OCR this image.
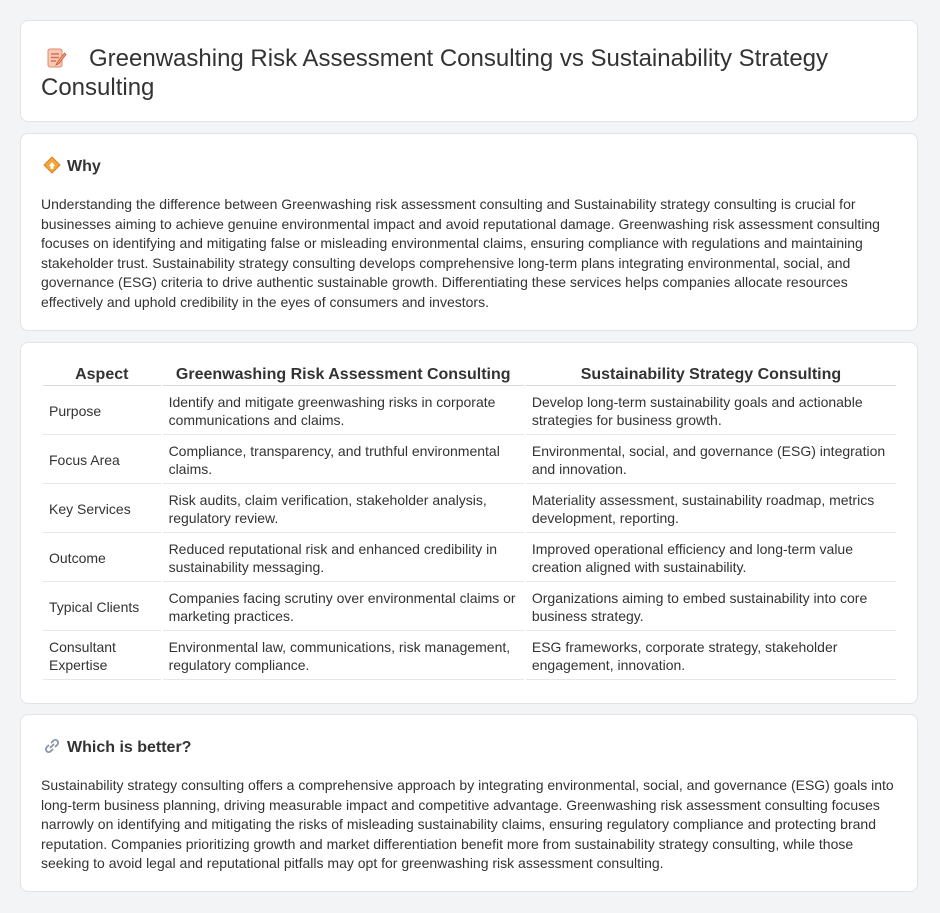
Greenwashing Risk Assessment Consulting vs Sustainability Strategy Consulting
Why

Understanding the difference between Greenwashing risk assessment consulting and Sustainability strategy consulting is crucial for businesses aiming to achieve genuine environmental impact and avoid reputational damage. Greenwashing risk assessment consulting focuses on identifying and mitigating false or misleading environmental claims, ensuring compliance with regulations and maintaining stakeholder trust. Sustainability strategy consulting develops comprehensive long-term plans integrating environmental, social, and governance (ESG) criteria to drive authentic sustainable growth. Differentiating these services helps companies allocate resources effectively and uphold credibility in the eyes of consumers and investors.

Aspect	Greenwashing Risk Assessment Consulting	Sustainability Strategy Consulting
Purpose	Identify and mitigate greenwashing risks in corporate communications and claims.	Develop long-term sustainability goals and actionable strategies for business growth.
Focus Area	Compliance, transparency, and truthful environmental claims.	Environmental, social, and governance (ESG) integration and innovation.
Key Services	Risk audits, claim verification, stakeholder analysis, regulatory review.	Materiality assessment, sustainability roadmap, metrics development, reporting.
Outcome	Reduced reputational risk and enhanced credibility in sustainability messaging.	Improved operational efficiency and long-term value creation aligned with sustainability.
Typical Clients	Companies facing scrutiny over environmental claims or marketing practices.	Organizations aiming to embed sustainability into core business strategy.
Consultant Expertise	Environmental law, communications, risk management, regulatory compliance.	ESG frameworks, corporate strategy, stakeholder engagement, innovation.
Which is better?

Sustainability strategy consulting offers a comprehensive approach by integrating environmental, social, and governance (ESG) goals into long-term business planning, driving measurable impact and competitive advantage. Greenwashing risk assessment consulting focuses narrowly on identifying and mitigating the risks of misleading sustainability claims, ensuring regulatory compliance and protecting brand reputation. Companies prioritizing growth and market differentiation benefit more from sustainability strategy consulting, while those seeking to avoid legal and reputational pitfalls may opt for greenwashing risk assessment consulting.
